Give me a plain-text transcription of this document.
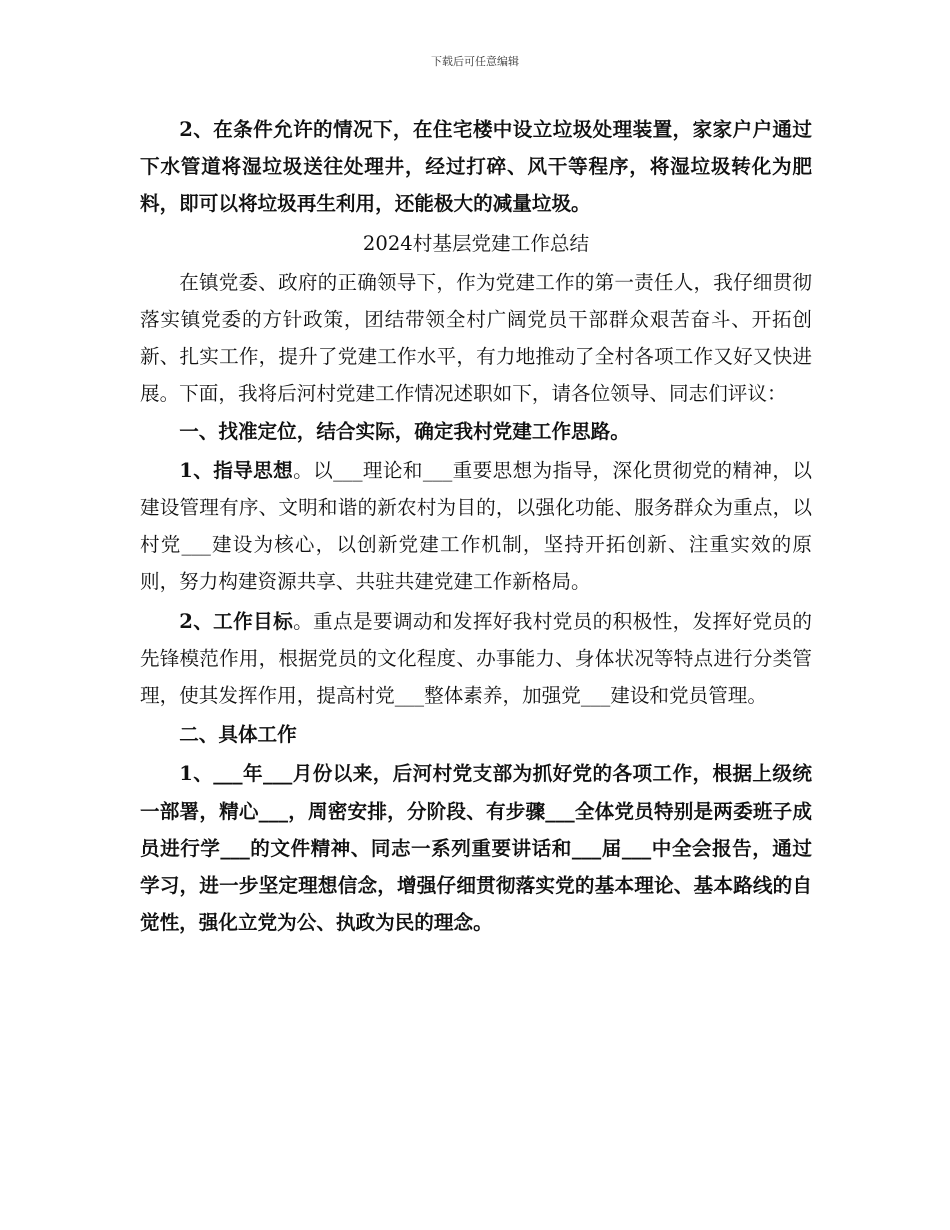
下载后可任意编辑

2、在条件允许的情况下，在住宅楼中设立垃圾处理装置，家家户户通过下水管道将湿垃圾送往处理井，经过打碎、风干等程序，将湿垃圾转化为肥料，即可以将垃圾再生利用，还能极大的减量垃圾。

2024村基层党建工作总结

在镇党委、政府的正确领导下，作为党建工作的第一责任人，我仔细贯彻落实镇党委的方针政策，团结带领全村广阔党员干部群众艰苦奋斗、开拓创新、扎实工作，提升了党建工作水平，有力地推动了全村各项工作又好又快进展。下面，我将后河村党建工作情况述职如下，请各位领导、同志们评议：

一、找准定位，结合实际，确定我村党建工作思路。

1、指导思想。以___理论和___重要思想为指导，深化贯彻党的精神，以建设管理有序、文明和谐的新农村为目的，以强化功能、服务群众为重点，以村党___建设为核心，以创新党建工作机制，坚持开拓创新、注重实效的原则，努力构建资源共享、共驻共建党建工作新格局。

2、工作目标。重点是要调动和发挥好我村党员的积极性，发挥好党员的先锋模范作用，根据党员的文化程度、办事能力、身体状况等特点进行分类管理，使其发挥作用，提高村党___整体素养，加强党___建设和党员管理。

二、具体工作

1、___年___月份以来，后河村党支部为抓好党的各项工作，根据上级统一部署，精心___，周密安排，分阶段、有步骤___全体党员特别是两委班子成员进行学___的文件精神、同志一系列重要讲话和___届___中全会报告，通过学习，进一步坚定理想信念，增强仔细贯彻落实党的基本理论、基本路线的自觉性，强化立党为公、执政为民的理念。
